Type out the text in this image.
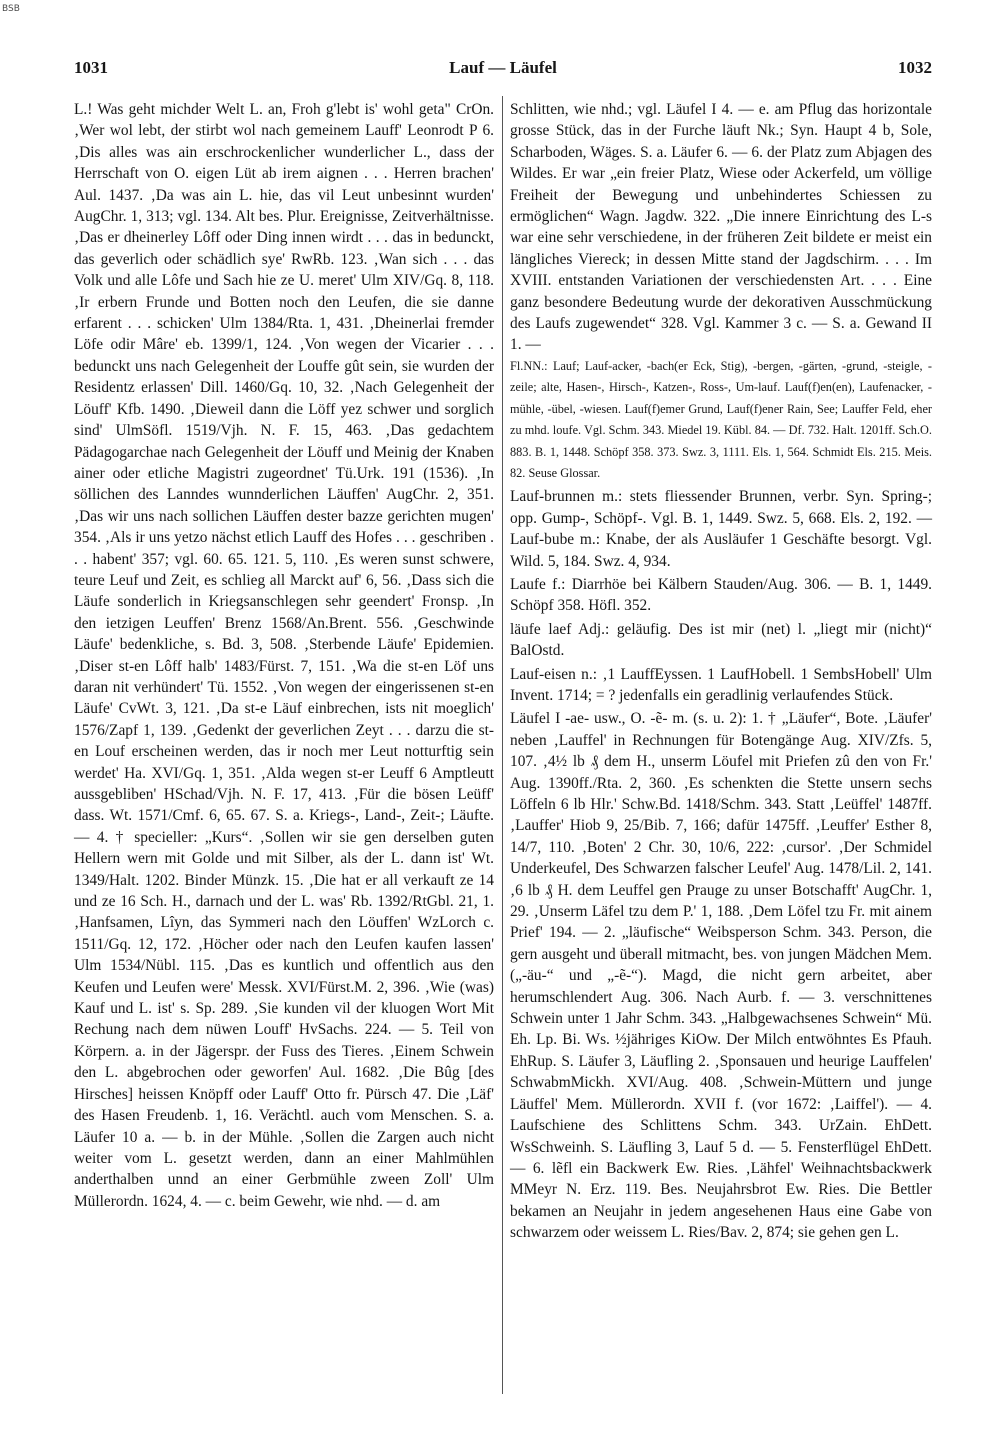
BSB
1031	Lauf — Läufel	1032

L.! Was geht michder Welt L. an, Froh g'lebt is' wohl geta" CrOn. ‚Wer wol lebt, der stirbt wol nach gemeinem Lauff' Leonrodt P 6. ‚Dis alles was ain erschrockenlicher wunderlicher L., dass der Herrschaft von O. eigen Lüt ab irem aignen . . . Herren brachen' Aul. 1437. ‚Da was ain L. hie, das vil Leut unbesinnt wurden' AugChr. 1, 313; vgl. 134. Alt bes. Plur. Ereignisse, Zeitverhältnisse. ‚Das er dheinerley Lôff oder Ding innen wirdt . . . das in bedunckt, das geverlich oder schädlich sye' RwRb. 123. ‚Wan sich . . . das Volk und alle Lôfe und Sach hie ze U. meret' Ulm XIV/Gq. 8, 118. ‚Ir erbern Frunde und Botten noch den Leufen, die sie danne erfarent . . . schicken' Ulm 1384/Rta. 1, 431. ‚Dheinerlai fremder Löfe odir Mâre' eb. 1399/1, 124. ‚Von wegen der Vicarier . . . bedunckt uns nach Gelegenheit der Louffe gût sein, sie wurden der Residentz erlassen' Dill. 1460/Gq. 10, 32. ‚Nach Gelegenheit der Löuff' Kfb. 1490. ‚Dieweil dann die Löff yez schwer und sorglich sind' UlmSöfl. 1519/Vjh. N. F. 15, 463. ‚Das gedachtem Pädagogarchae nach Gelegenheit der Löuff und Meinig der Knaben ainer oder etliche Magistri zugeordnet' Tü.Urk. 191 (1536). ‚In söllichen des Lanndes wunnderlichen Läuffen' AugChr. 2, 351. ‚Das wir uns nach sollichen Läuffen dester bazze gerichten mugen' 354. ‚Als ir uns yetzo nächst etlich Lauff des Hofes . . . geschriben . . . habent' 357; vgl. 60. 65. 121. 5, 110. ‚Es weren sunst schwere, teure Leuf und Zeit, es schlieg all Marckt auf' 6, 56. ‚Dass sich die Läufe sonderlich in Kriegsanschlegen sehr geendert' Fronsp. ‚In den ietzigen Leuffen' Brenz 1568/An.Brent. 556. ‚Geschwinde Läufe' bedenkliche, s. Bd. 3, 508. ‚Sterbende Läufe' Epidemien. ‚Diser st-en Lôff halb' 1483/Fürst. 7, 151. ‚Wa die st-en Löf uns daran nit verhündert' Tü. 1552. ‚Von wegen der eingerissenen st-en Läufe' CvWt. 3, 121. ‚Da st-e Läuf einbrechen, ists nit moeglich' 1576/Zapf 1, 139. ‚Gedenkt der geverlichen Zeyt . . . darzu die st-en Louf erscheinen werden, das ir noch mer Leut notturftig sein werdet' Ha. XVI/Gq. 1, 351. ‚Alda wegen st-er Leuff 6 Amptleutt aussgebliben' HSchad/Vjh. N. F. 17, 413. ‚Für die bösen Leüff' dass. Wt. 1571/Cmf. 6, 65. 67. S. a. Kriegs-, Land-, Zeit-; Läufte. — 4. † specieller: „Kurs“. ‚Sollen wir sie gen derselben guten Hellern wern mit Golde und mit Silber, als der L. dann ist' Wt. 1349/Halt. 1202. Binder Münzk. 15. ‚Die hat er all verkauft ze 14 und ze 16 Sch. H., darnach und der L. was' Rb. 1392/RtGbl. 21, 1. ‚Hanfsamen, Lîyn, das Symmeri nach den Löuffen' WzLorch c. 1511/Gq. 12, 172. ‚Höcher oder nach den Leufen kaufen lassen' Ulm 1534/Nübl. 115. ‚Das es kuntlich und offentlich aus den Keufen und Leufen were' Messk. XVI/Fürst.M. 2, 396. ‚Wie (was) Kauf und L. ist' s. Sp. 289. ‚Sie kunden vil der kluogen Wort Mit Rechung nach dem nüwen Louff' HvSachs. 224. — 5. Teil von Körpern. a. in der Jägerspr. der Fuss des Tieres. ‚Einem Schwein den L. abgebrochen oder geworfen' Aul. 1682. ‚Die Bûg [des Hirsches] heissen Knöpff oder Lauff' Otto fr. Pürsch 47. Die ‚Läf' des Hasen Freudenb. 1, 16. Verächtl. auch vom Menschen. S. a. Läufer 10 a. — b. in der Mühle. ‚Sollen die Zargen auch nicht weiter vom L. gesetzt werden, dann an einer Mahlmühlen anderthalben unnd an einer Gerbmühle zween Zoll' Ulm Müllerordn. 1624, 4. — c. beim Gewehr, wie nhd. — d. am

Schlitten, wie nhd.; vgl. Läufel I 4. — e. am Pflug das horizontale grosse Stück, das in der Furche läuft Nk.; Syn. Haupt 4 b, Sole, Scharboden, Wäges. S. a. Läufer 6. — 6. der Platz zum Abjagen des Wildes. Er war „ein freier Platz, Wiese oder Ackerfeld, um völlige Freiheit der Bewegung und unbehindertes Schiessen zu ermöglichen“ Wagn. Jagdw. 322. „Die innere Einrichtung des L-s war eine sehr verschiedene, in der früheren Zeit bildete er meist ein längliches Viereck; in dessen Mitte stand der Jagdschirm. . . . Im XVIII. entstanden Variationen der verschiedensten Art. . . . Eine ganz besondere Bedeutung wurde der dekorativen Ausschmückung des Laufs zugewendet“ 328. Vgl. Kammer 3 c. — S. a. Gewand II 1. —

Fl.NN.: Lauf; Lauf-acker, -bach(er Eck, Stig), -bergen, -gärten, -grund, -steigle, -zeile; alte, Hasen-, Hirsch-, Katzen-, Ross-, Um-lauf. Lauf(f)en(en), Laufenacker, -mühle, -übel, -wiesen. Lauf(f)emer Grund, Lauf(f)ener Rain, See; Lauffer Feld, eher zu mhd. loufe. Vgl. Schm. 343. Miedel 19. Kübl. 84. — Df. 732. Halt. 1201ff. Sch.O. 883. B. 1, 1448. Schöpf 358. 373. Swz. 3, 1111. Els. 1, 564. Schmidt Els. 215. Meis. 82. Seuse Glossar.

Lauf-brunnen m.: stets fliessender Brunnen, verbr. Syn. Spring-; opp. Gump-, Schöpf-. Vgl. B. 1, 1449. Swz. 5, 668. Els. 2, 192. — Lauf-bube m.: Knabe, der als Ausläufer 1 Geschäfte besorgt. Vgl. Wild. 5, 184. Swz. 4, 934.

Laufe f.: Diarrhöe bei Kälbern Stauden/Aug. 306. — B. 1, 1449. Schöpf 358. Höfl. 352.

läufe laef Adj.: geläufig. Des ist mir (net) l. „liegt mir (nicht)“ BalOstd.

Lauf-eisen n.: ‚1 LauffEyssen. 1 LaufHobell. 1 SembsHobell' Ulm Invent. 1714; = ? jedenfalls ein geradlinig verlaufendes Stück.

Läufel I -ae- usw., O. -ẽ- m. (s. u. 2): 1. † „Läufer“, Bote. ‚Läufer' neben ‚Lauffel' in Rechnungen für Botengänge Aug. XIV/Zfs. 5, 107. ‚4½ lb ₰ dem H., unserm Löufel mit Priefen zû den von Fr.' Aug. 1390ff./Rta. 2, 360. ‚Es schenkten die Stette unsern sechs Löffeln 6 lb Hlr.' Schw.Bd. 1418/Schm. 343. Statt ‚Leüffel' 1487ff. ‚Lauffer' Hiob 9, 25/Bib. 7, 166; dafür 1475ff. ‚Leuffer' Esther 8, 14/7, 110. ‚Boten' 2 Chr. 30, 10/6, 222: ‚cursor'. ‚Der Schmidel Underkeufel, Des Schwarzen falscher Leufel' Aug. 1478/Lil. 2, 141. ‚6 lb ₰ H. dem Leuffel gen Prauge zu unser Botschafft' AugChr. 1, 29. ‚Unserm Läfel tzu dem P.' 1, 188. ‚Dem Löfel tzu Fr. mit ainem Prief' 194. — 2. „läufische“ Weibsperson Schm. 343. Person, die gern ausgeht und überall mitmacht, bes. von jungen Mädchen Mem. („-äu-“ und „-ẽ-“). Magd, die nicht gern arbeitet, aber herumschlendert Aug. 306. Nach Aurb. f. — 3. verschnittenes Schwein unter 1 Jahr Schm. 343. „Halbgewachsenes Schwein“ Mü. Eh. Lp. Bi. Ws. ½jähriges KiOw. Der Milch entwöhntes Es Pfauh. EhRup. S. Läufer 3, Läufling 2. ‚Sponsauen und heurige Lauffelen' SchwabmMickh. XVI/Aug. 408. ‚Schwein-Müttern und junge Läuffel' Mem. Müllerordn. XVII f. (vor 1672: ‚Laiffel'). — 4. Laufschiene des Schlittens Schm. 343. UrZain. EhDett. WsSchweinh. S. Läufling 3, Lauf 5 d. — 5. Fensterflügel EhDett. — 6. lẽfl ein Backwerk Ew. Ries. ‚Lähfel' Weihnachtsbackwerk MMeyr N. Erz. 119. Bes. Neujahrsbrot Ew. Ries. Die Bettler bekamen an Neujahr in jedem angesehenen Haus eine Gabe von schwarzem oder weissem L. Ries/Bav. 2, 874; sie gehen gen L.
